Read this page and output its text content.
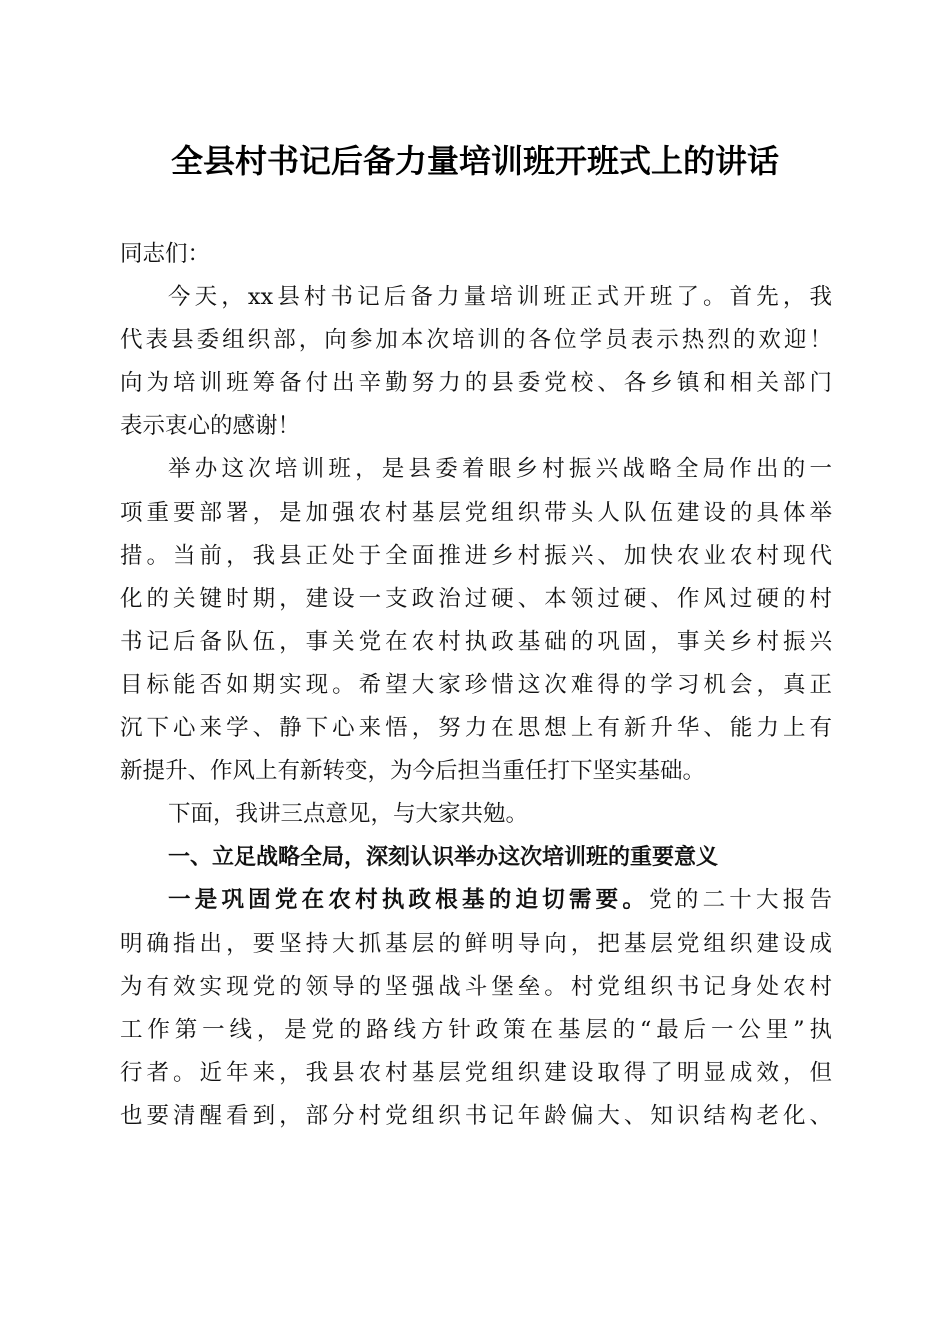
全县村书记后备力量培训班开班式上的讲话
同志们：
今天，xx县村书记后备力量培训班正式开班了。首先，我
代表县委组织部，向参加本次培训的各位学员表示热烈的欢迎！
向为培训班筹备付出辛勤努力的县委党校、各乡镇和相关部门
表示衷心的感谢！
举办这次培训班，是县委着眼乡村振兴战略全局作出的一
项重要部署，是加强农村基层党组织带头人队伍建设的具体举
措。当前，我县正处于全面推进乡村振兴、加快农业农村现代
化的关键时期，建设一支政治过硬、本领过硬、作风过硬的村
书记后备队伍，事关党在农村执政基础的巩固，事关乡村振兴
目标能否如期实现。希望大家珍惜这次难得的学习机会，真正
沉下心来学、静下心来悟，努力在思想上有新升华、能力上有
新提升、作风上有新转变，为今后担当重任打下坚实基础。
下面，我讲三点意见，与大家共勉。
一、立足战略全局，深刻认识举办这次培训班的重要意义
一是巩固党在农村执政根基的迫切需要。党的二十大报告
明确指出，要坚持大抓基层的鲜明导向，把基层党组织建设成
为有效实现党的领导的坚强战斗堡垒。村党组织书记身处农村
工作第一线，是党的路线方针政策在基层的“最后一公里”执
行者。近年来，我县农村基层党组织建设取得了明显成效，但
也要清醒看到，部分村党组织书记年龄偏大、知识结构老化、
